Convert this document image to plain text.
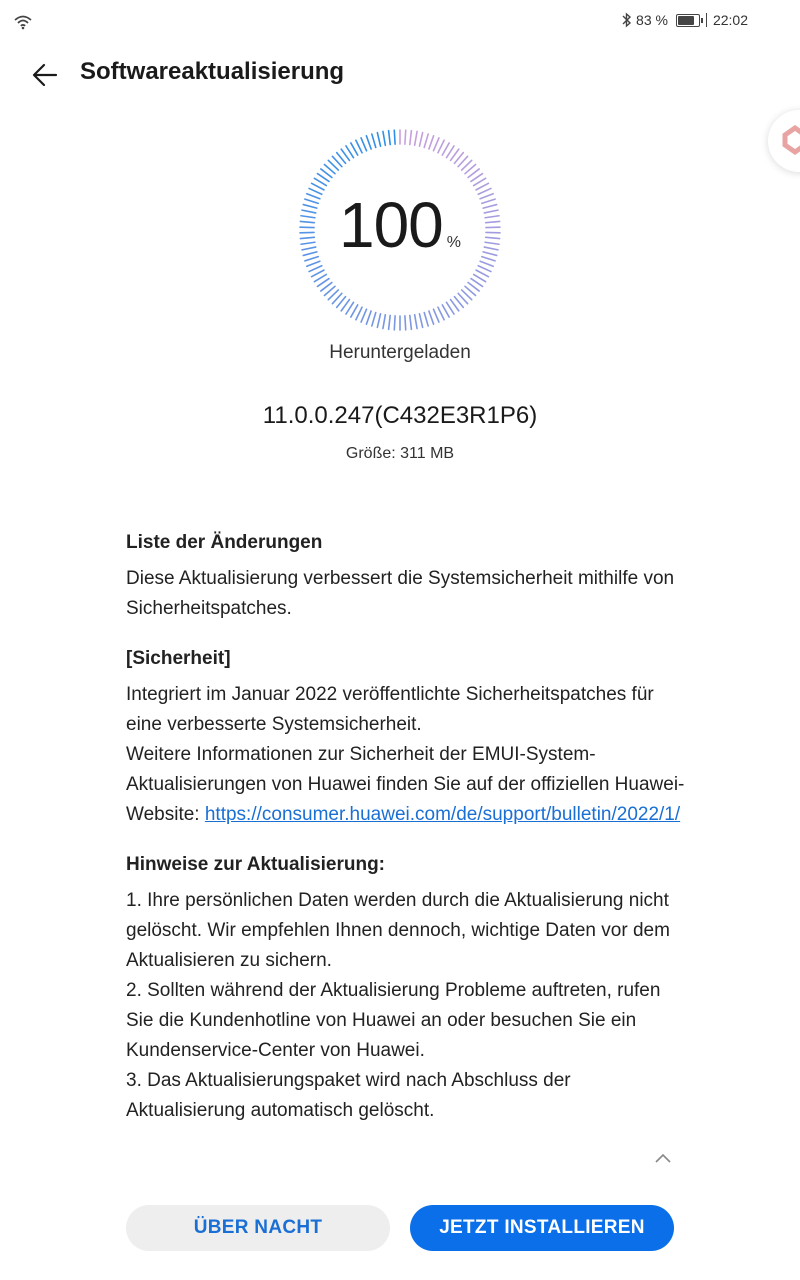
83 %	22:02
Softwareaktualisierung
100 %
Heruntergeladen
11.0.0.247(C432E3R1P6)
Größe: 311 MB

Liste der Änderungen

Diese Aktualisierung verbessert die Systemsicherheit mithilfe von Sicherheitspatches.

[Sicherheit]

Integriert im Januar 2022 veröffentlichte Sicherheitspatches für eine verbesserte Systemsicherheit.

Weitere Informationen zur Sicherheit der EMUI-System-Aktualisierungen von Huawei finden Sie auf der offiziellen Huawei-Website: https://consumer.huawei.com/de/support/bulletin/2022/1/

Hinweise zur Aktualisierung:

1. Ihre persönlichen Daten werden durch die Aktualisierung nicht gelöscht. Wir empfehlen Ihnen dennoch, wichtige Daten vor dem Aktualisieren zu sichern.

2. Sollten während der Aktualisierung Probleme auftreten, rufen Sie die Kundenhotline von Huawei an oder besuchen Sie ein Kundenservice-Center von Huawei.

3. Das Aktualisierungspaket wird nach Abschluss der Aktualisierung automatisch gelöscht.

ÜBER NACHT	JETZT INSTALLIEREN
